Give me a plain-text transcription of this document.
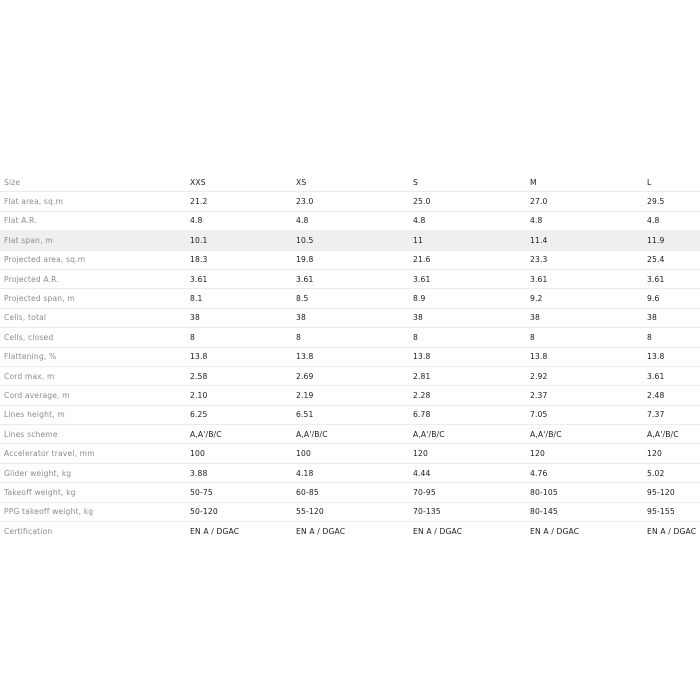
Size	XXS	XS	S	M	L
Flat area, sq.m	21.2	23.0	25.0	27.0	29.5
Flat A.R.	4.8	4.8	4.8	4.8	4.8
Flat span, m	10.1	10.5	11	11.4	11.9
Projected area, sq.m	18.3	19.8	21.6	23.3	25.4
Projected A.R.	3.61	3.61	3.61	3.61	3.61
Projected span, m	8.1	8.5	8.9	9.2	9.6
Cells, total	38	38	38	38	38
Cells, closed	8	8	8	8	8
Flattening, %	13.8	13.8	13.8	13.8	13.8
Cord max, m	2.58	2.69	2.81	2.92	3.61
Cord average, m	2.10	2.19	2.28	2.37	2.48
Lines height, m	6.25	6.51	6.78	7.05	7.37
Lines scheme	A,A'/B/C	A,A'/B/C	A,A'/B/C	A,A'/B/C	A,A'/B/C
Accelerator travel, mm	100	100	120	120	120
Glider weight, kg	3.88	4.18	4.44	4.76	5.02
Takeoff weight, kg	50-75	60-85	70-95	80-105	95-120
PPG takeoff weight, kg	50-120	55-120	70-135	80-145	95-155
Certification	EN A / DGAC	EN A / DGAC	EN A / DGAC	EN A / DGAC	EN A / DGAC
